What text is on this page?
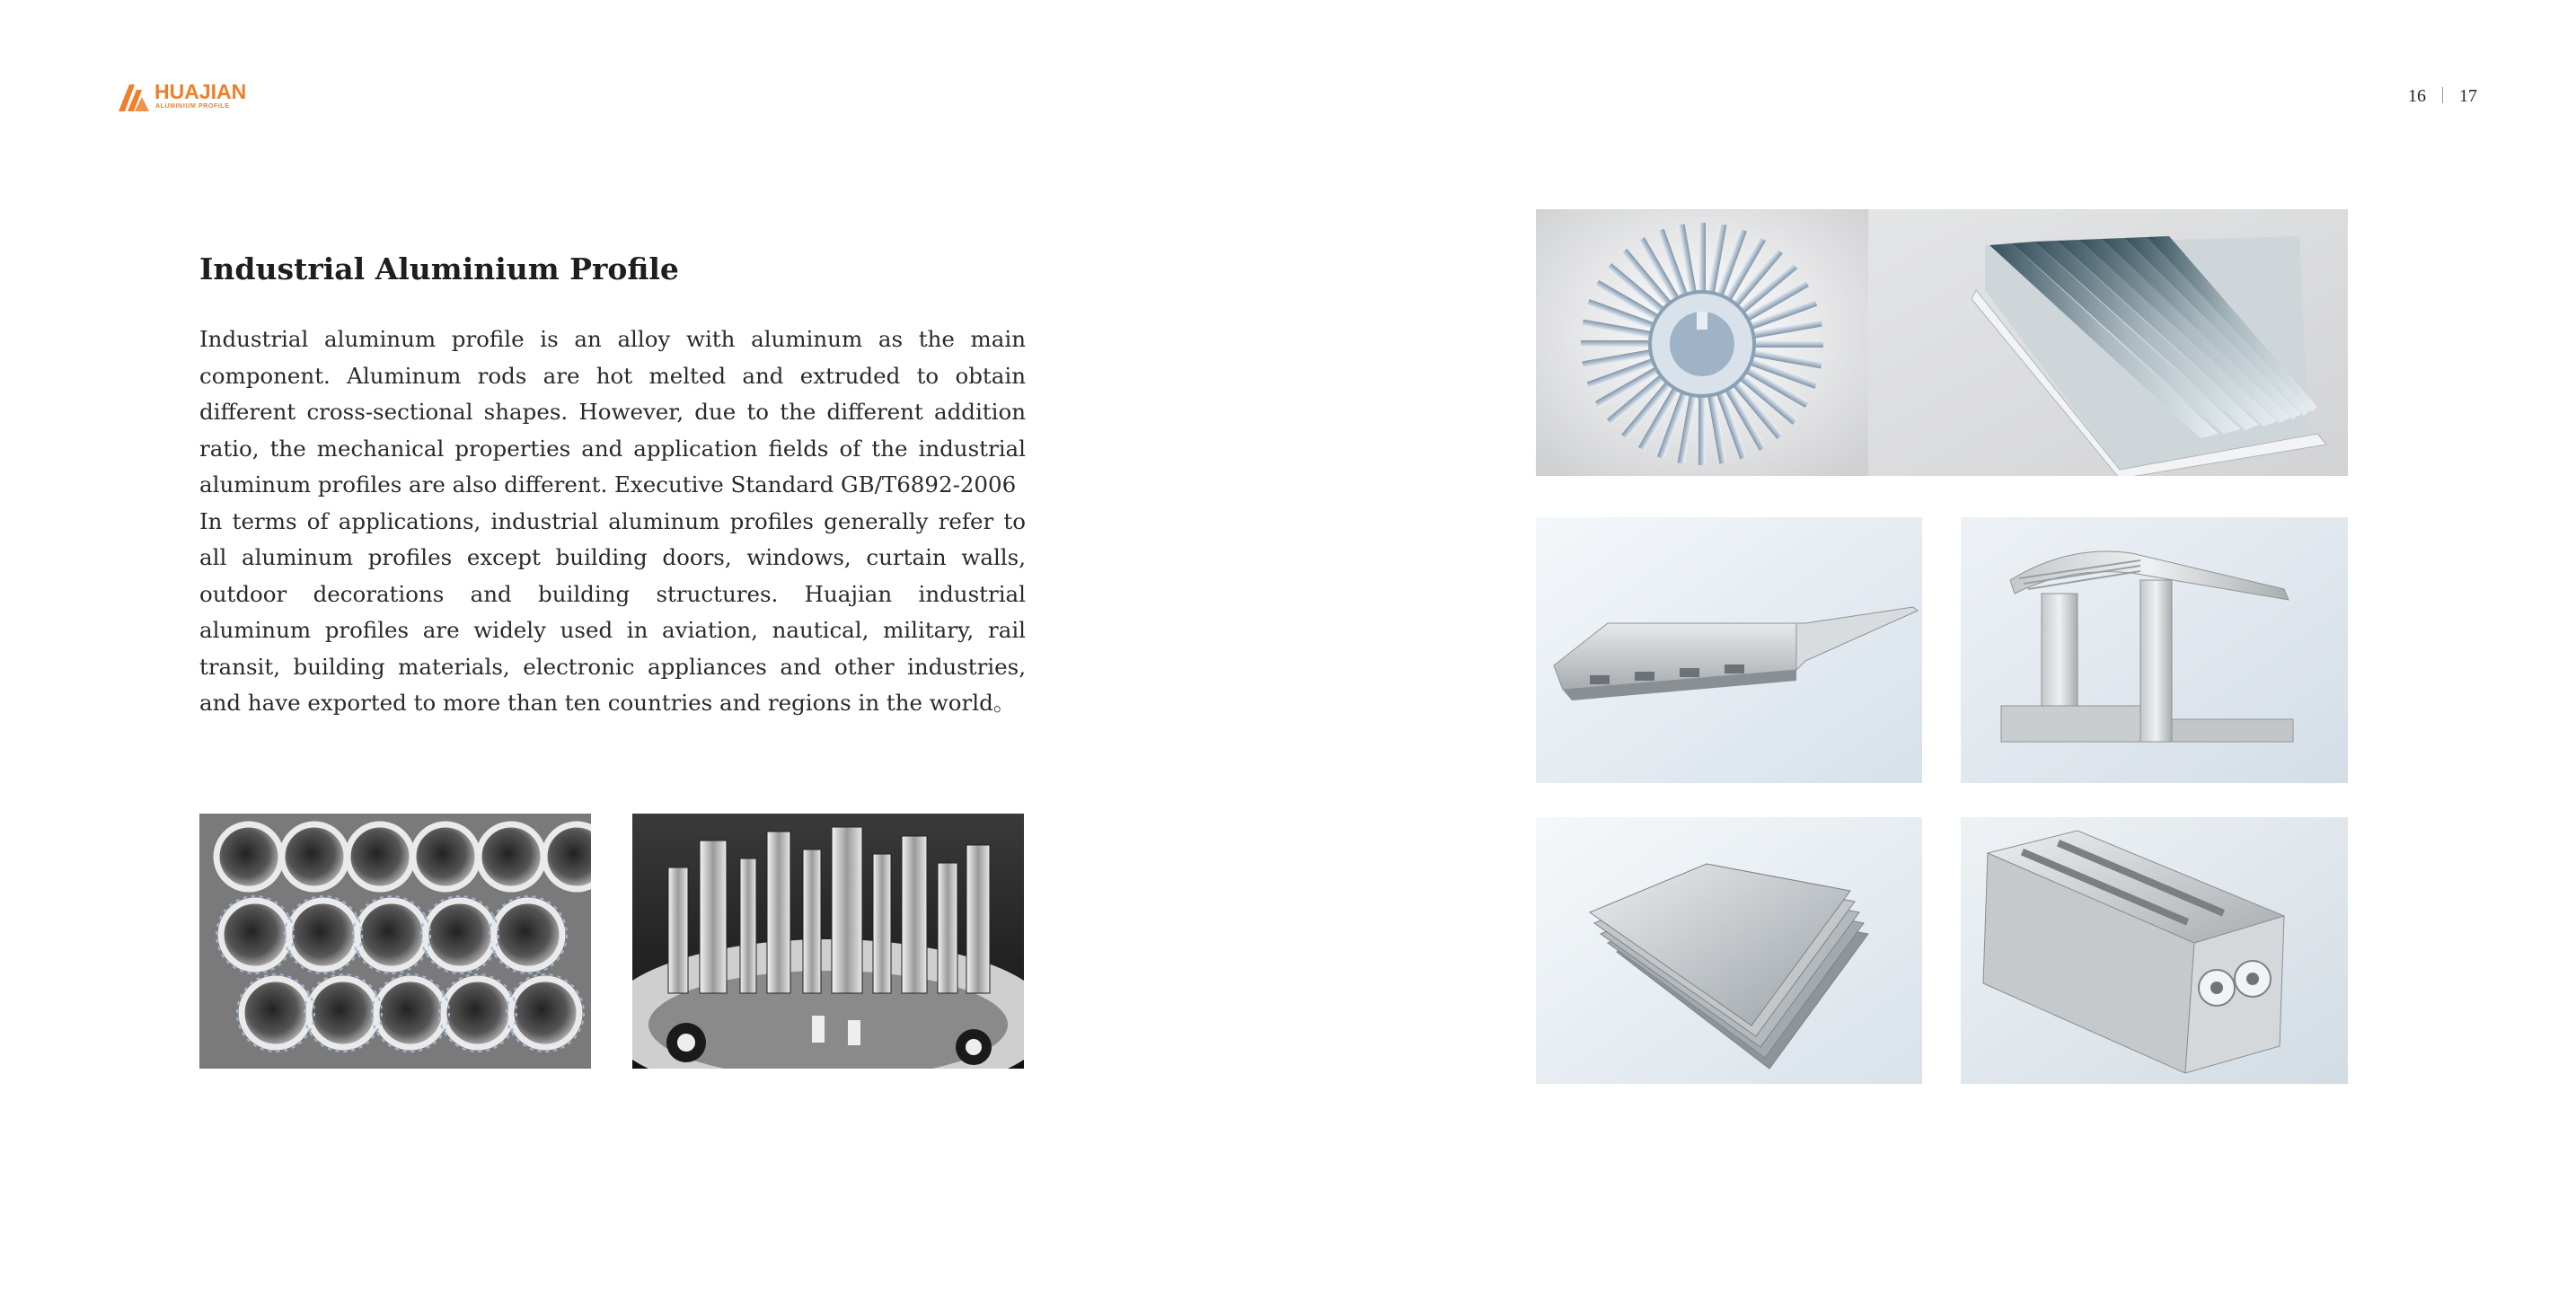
HUAJIAN
ALUMINIUM PROFILE
16 17
Industrial Aluminium Profile

Industrial aluminum profile is an alloy with aluminum as the main component. Aluminum rods are hot melted and extruded to obtain different cross-sectional shapes. However, due to the different addition ratio, the mechanical properties and application fields of the industrial aluminum profiles are also different. Executive Standard GB/T6892-2006

In terms of applications, industrial aluminum profiles generally refer to all aluminum profiles except building doors, windows, curtain walls, outdoor decorations and building structures. Huajian industrial aluminum profiles are widely used in aviation, nautical, military, rail transit, building materials, electronic appliances and other industries, and have exported to more than ten countries and regions in the world。
